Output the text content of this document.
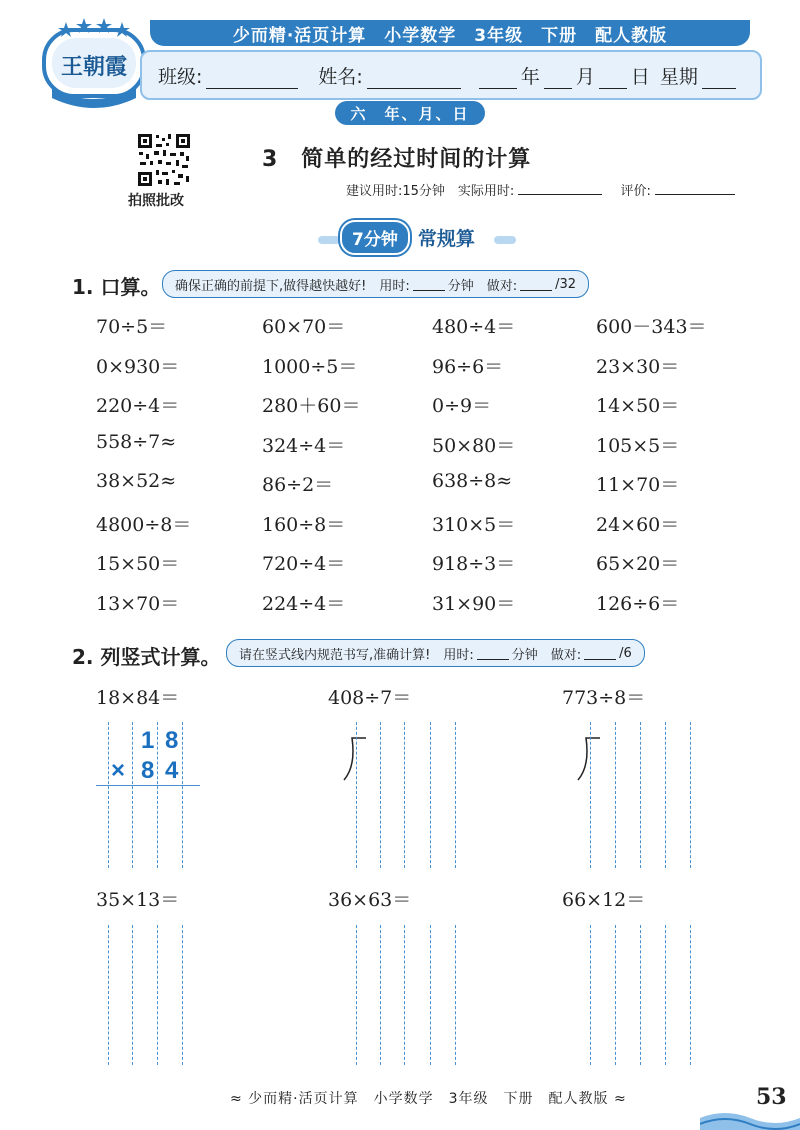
少而精·活页计算　小学数学　3年级　下册　配人教版
王朝霞	班级:	姓名:	年 月 日 星期
六　年、月、日
拍照批改
3　简单的经过时间的计算
建议用时:15分钟　实际用时:	评价:
7分钟	常规算
1. 口算。 确保正确的前提下,做得越快越好!　用时:	分钟　做对:	/32
70÷5＝	60×70＝	480÷4＝	600－343＝
0×930＝	1000÷5＝	96÷6＝	23×30＝
220÷4＝	280＋60＝	0÷9＝	14×50＝
558÷7≈	324÷4＝	50×80＝	105×5＝
38×52≈	86÷2＝	638÷8≈	11×70＝
4800÷8＝	160÷8＝	310×5＝	24×60＝
15×50＝	720÷4＝	918÷3＝	65×20＝
13×70＝	224÷4＝	31×90＝	126÷6＝
2. 列竖式计算。 请在竖式线内规范书写,准确计算!　用时:	分钟　做对:	/6
18×84＝	408÷7＝	773÷8＝
35×13＝	36×63＝	66×12＝
1 8
× 8 4
≈ 少而精·活页计算　小学数学　3年级　下册　配人教版 ≈	53
